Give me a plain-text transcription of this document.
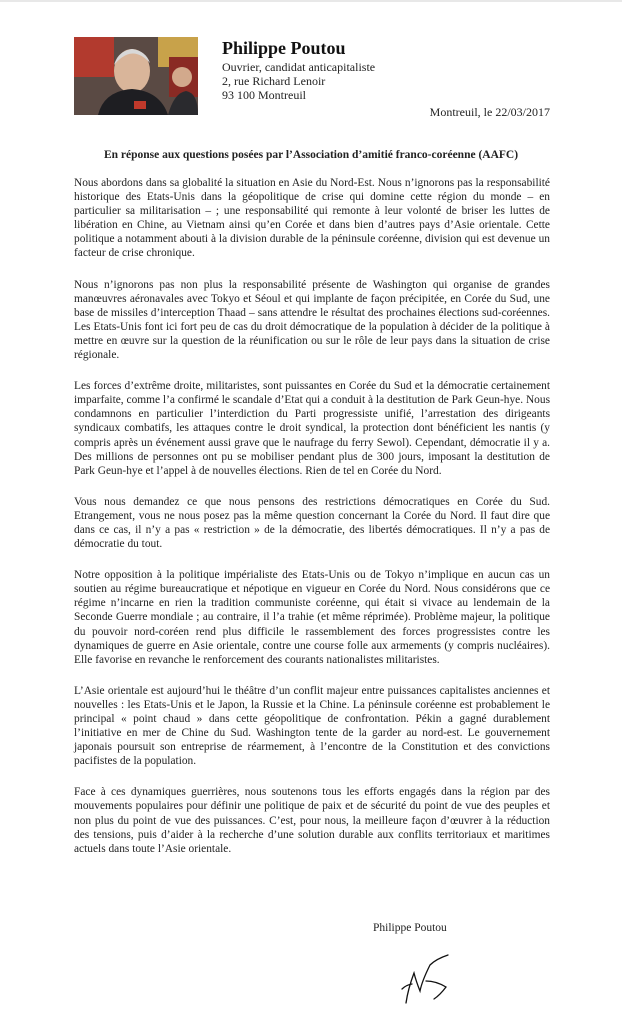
Philippe Poutou
Ouvrier, candidat anticapitaliste
2, rue Richard Lenoir
93 100 Montreuil
Montreuil, le 22/03/2017
En réponse aux questions posées par l’Association d’amitié franco-coréenne (AAFC)

Nous abordons dans sa globalité la situation en Asie du Nord-Est. Nous n’ignorons pas la responsabilité historique des Etats-Unis dans la géopolitique de crise qui domine cette région du monde – en particulier sa militarisation – ; une responsabilité qui remonte à leur volonté de briser les luttes de libération en Chine, au Vietnam ainsi qu’en Corée et dans bien d’autres pays d’Asie orientale. Cette politique a notamment abouti à la division durable de la péninsule coréenne, division qui est devenue un facteur de crise chronique.

Nous n’ignorons pas non plus la responsabilité présente de Washington qui organise de grandes manœuvres aéronavales avec Tokyo et Séoul et qui implante de façon précipitée, en Corée du Sud, une base de missiles d’interception Thaad – sans attendre le résultat des prochaines élections sud-coréennes. Les Etats-Unis font ici fort peu de cas du droit démocratique de la population à décider de la politique à mettre en œuvre sur la question de la réunification ou sur le rôle de leur pays dans la situation de crise régionale.

Les forces d’extrême droite, militaristes, sont puissantes en Corée du Sud et la démocratie certainement imparfaite, comme l’a confirmé le scandale d’Etat qui a conduit à la destitution de Park Geun-hye. Nous condamnons en particulier l’interdiction du Parti progressiste unifié, l’arrestation des dirigeants syndicaux combatifs, les attaques contre le droit syndical, la protection dont bénéficient les nantis (y compris après un événement aussi grave que le naufrage du ferry Sewol). Cependant, démocratie il y a. Des millions de personnes ont pu se mobiliser pendant plus de 300 jours, imposant la destitution de Park Geun-hye et l’appel à de nouvelles élections. Rien de tel en Corée du Nord.

Vous nous demandez ce que nous pensons des restrictions démocratiques en Corée du Sud. Etrangement, vous ne nous posez pas la même question concernant la Corée du Nord. Il faut dire que dans ce cas, il n’y a pas « restriction » de la démocratie, des libertés démocratiques. Il n’y a pas de démocratie du tout.

Notre opposition à la politique impérialiste des Etats-Unis ou de Tokyo n’implique en aucun cas un soutien au régime bureaucratique et népotique en vigueur en Corée du Nord. Nous considérons que ce régime n’incarne en rien la tradition communiste coréenne, qui était si vivace au lendemain de la Seconde Guerre mondiale ; au contraire, il l’a trahie (et même réprimée). Problème majeur, la politique du pouvoir nord-coréen rend plus difficile le rassemblement des forces progressistes contre les dynamiques de guerre en Asie orientale, contre une course folle aux armements (y compris nucléaires). Elle favorise en revanche le renforcement des courants nationalistes militaristes.

L’Asie orientale est aujourd’hui le théâtre d’un conflit majeur entre puissances capitalistes anciennes et nouvelles : les Etats-Unis et le Japon, la Russie et la Chine. La péninsule coréenne est probablement le principal « point chaud » dans cette géopolitique de confrontation. Pékin a gagné durablement l’initiative en mer de Chine du Sud. Washington tente de la garder au nord-est. Le gouvernement japonais poursuit son entreprise de réarmement, à l’encontre de la Constitution et des convictions pacifistes de la population.

Face à ces dynamiques guerrières, nous soutenons tous les efforts engagés dans la région par des mouvements populaires pour définir une politique de paix et de sécurité du point de vue des peuples et non plus du point de vue des puissances. C’est, pour nous, la meilleure façon d’œuvrer à la réduction des tensions, puis d’aider à la recherche d’une solution durable aux conflits territoriaux et maritimes actuels dans toute l’Asie orientale.

Philippe Poutou
